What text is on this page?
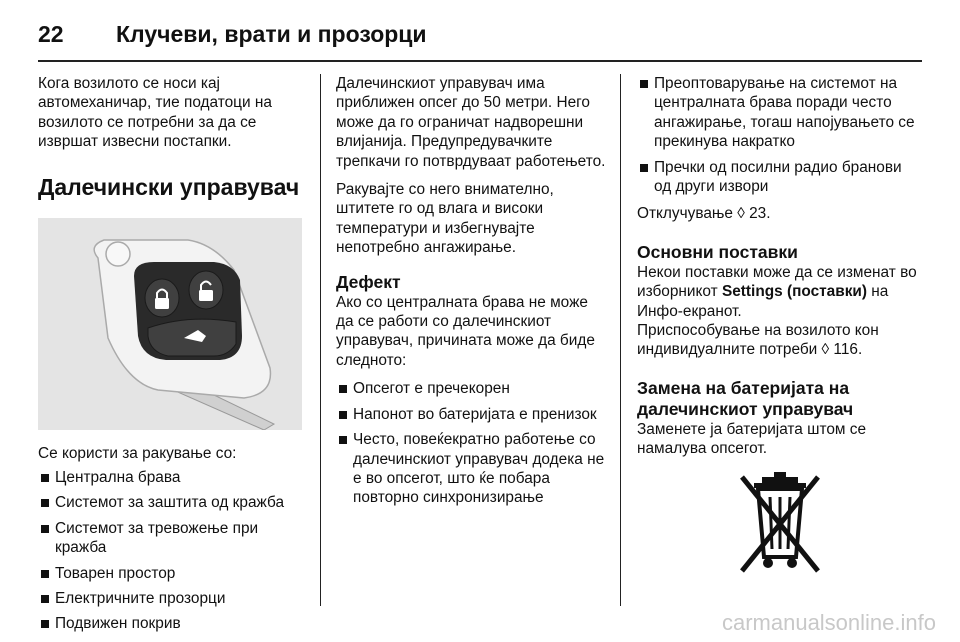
22	Клучеви, врати и прозорци

Кога возилото се носи кај автомеханичар, тие податоци на возилото се потребни за да се извршат извесни постапки.

Далечински управувач

Се користи за ракување со:

Централна брава
Системот за заштита од кражба
Системот за тревожење при кражба
Товарен простор
Електричните прозорци
Подвижен покрив

Далечинскиот управувач има приближен опсег до 50 метри. Него може да го ограничат надворешни влијанија. Предупредувачките трепкачи го потврдуваат работењето.

Ракувајте со него внимателно, штитете го од влага и високи температури и избегнувајте непотребно ангажирање.

Дефект

Ако со централната брава не може да се работи со далечинскиот управувач, причината може да биде следното:

Опсегот е пречекорен
Напонот во батеријата е пренизок
Често, повеќекратно работење со далечинскиот управувач додека не е во опсегот, што ќе побара повторно синхронизирање
Преоптоварување на системот на централната брава поради често ангажирање, тогаш напојувањето се прекинува накратко
Пречки од посилни радио бранови од други извори

Отклучување ◊ 23.

Основни поставки

Некои поставки може да се изменат во изборникот Settings (поставки) на Инфо-екранот.

Приспособување на возилото кон индивидуалните потреби ◊ 116.

Замена на батеријата на далечинскиот управувач

Заменете ја батеријата штом се намалува опсегот.

carmanualsonline.info
